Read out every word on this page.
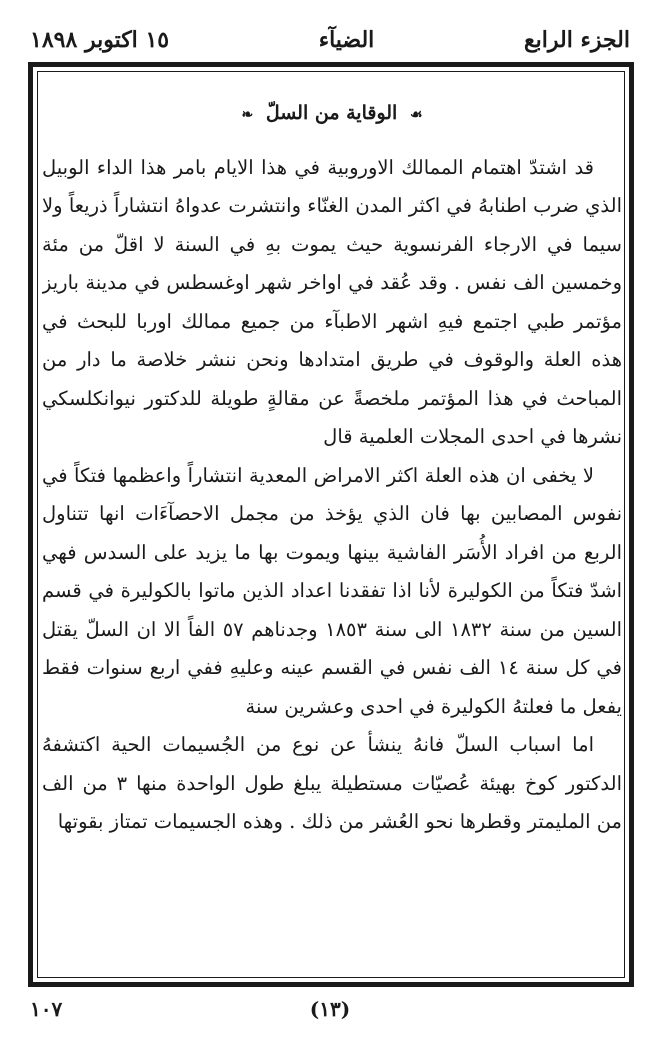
الجزء الرابع
الضيآء
١٥ اكتوبر ١٨٩٨
☙ الوقاية من السلّ ❧

قد اشتدّ اهتمام الممالك الاوروبية في هذا الايام بامر هذا الداء الوبيل الذي ضرب اطنابهُ في اكثر المدن الغنّاء وانتشرت عدواهُ انتشاراً ذريعاً ولا سيما في الارجاء الفرنسوية حيث يموت بهِ في السنة لا اقلّ من مئة وخمسين الف نفس . وقد عُقد في اواخر شهر اوغسطس في مدينة باريز مؤتمر طبي اجتمع فيهِ اشهر الاطبآء من جميع ممالك اوربا للبحث في هذه العلة والوقوف في طريق امتدادها ونحن ننشر خلاصة ما دار من المباحث في هذا المؤتمر ملخصةً عن مقالةٍ طويلة للدكتور نيوانكلسكي نشرها في احدى المجلات العلمية قال

لا يخفى ان هذه العلة اكثر الامراض المعدية انتشاراً واعظمها فتكاً في نفوس المصابين بها فان الذي يؤخذ من مجمل الاحصآءَات انها تتناول الربع من افراد الأُسَر الفاشية بينها ويموت بها ما يزيد على السدس فهي اشدّ فتكاً من الكوليرة لأنا اذا تفقدنا اعداد الذين ماتوا بالكوليرة في قسم السين من سنة ١٨٣٢ الى سنة ١٨٥٣ وجدناهم ٥٧ الفاً الا ان السلّ يقتل في كل سنة ١٤ الف نفس في القسم عينه وعليهِ ففي اربع سنوات فقط يفعل ما فعلتهُ الكوليرة في احدى وعشرين سنة

اما اسباب السلّ فانهُ ينشأ عن نوع من الجُسيمات الحية اكتشفهُ الدكتور كوخ بهيئة عُصيّات مستطيلة يبلغ طول الواحدة منها ٣ من الف من المليمتر وقطرها نحو العُشر من ذلك . وهذه الجسيمات تمتاز بقوتها

(١٣)
١٠٧
